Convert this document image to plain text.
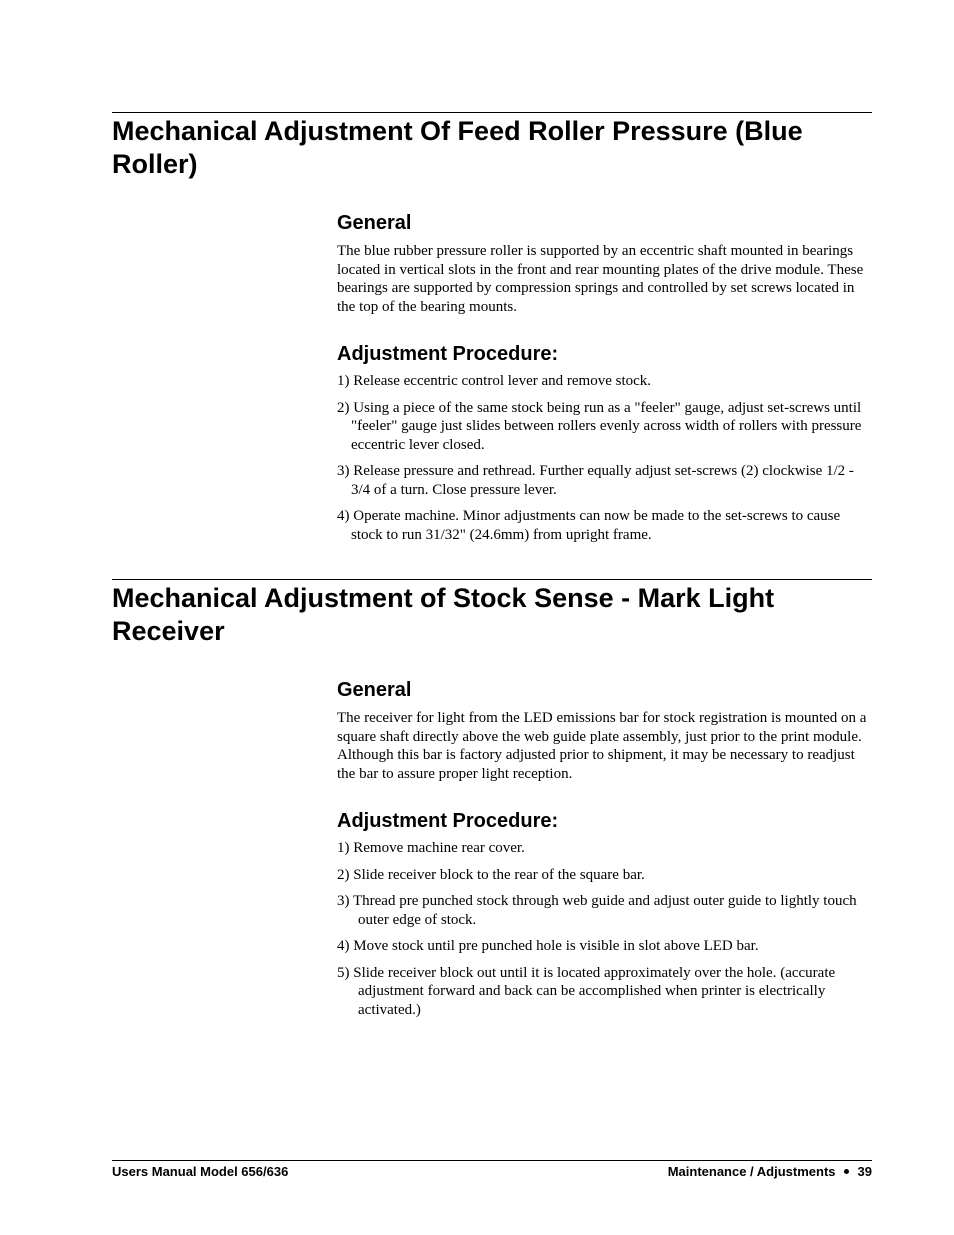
Mechanical Adjustment Of Feed Roller Pressure (Blue Roller)
General

The blue rubber pressure roller is supported by an eccentric shaft mounted in bearings located in vertical slots in the front and rear mounting plates of the drive module. These bearings are supported by compression springs and controlled by set screws located in the top of the bearing mounts.

Adjustment Procedure:

1) Release eccentric control lever and remove stock.

2) Using a piece of the same stock being run as a "feeler" gauge, adjust set-screws until "feeler" gauge just slides between rollers evenly across width of rollers with pressure eccentric lever closed.

3) Release pressure and rethread. Further equally adjust set-screws (2) clockwise 1/2 - 3/4 of a turn. Close pressure lever.

4) Operate machine. Minor adjustments can now be made to the set-screws to cause stock to run 31/32" (24.6mm) from upright frame.

Mechanical Adjustment of Stock Sense - Mark Light Receiver
General

The receiver for light from the LED emissions bar for stock registration is mounted on a square shaft directly above the web guide plate assembly, just prior to the print module. Although this bar is factory adjusted prior to shipment, it may be necessary to readjust the bar to assure proper light reception.

Adjustment Procedure:

1) Remove machine rear cover.

2) Slide receiver block to the rear of the square bar.

3) Thread pre punched stock through web guide and adjust outer guide to lightly touch outer edge of stock.

4) Move stock until pre punched hole is visible in slot above LED bar.

5) Slide receiver block out until it is located approximately over the hole. (accurate adjustment forward and back can be accomplished when printer is electrically activated.)

Users Manual Model 656/636	Maintenance / Adjustments 39
